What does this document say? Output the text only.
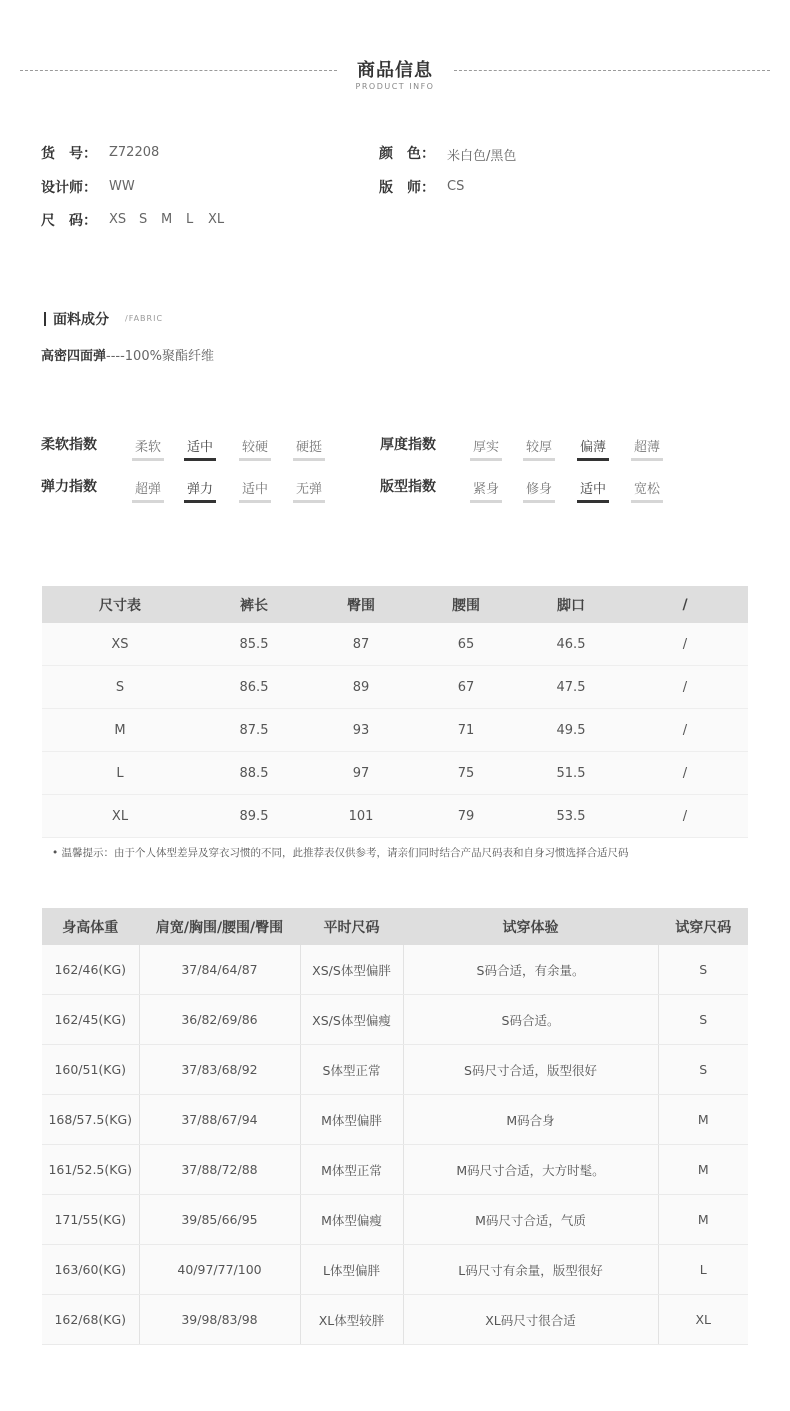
商品信息
PRODUCT INFO
货　号： Z72208	颜　色： 米白色/黑色
设计师： WW	版　师： CS
尺　码： XS S M L XL
面料成分 /FABRIC
高密四面弹----100%聚酯纤维
柔软指数	柔软 适中 较硬 硬挺	厚度指数	厚实 较厚 偏薄 超薄
弹力指数	超弹 弹力 适中 无弹	版型指数	紧身 修身 适中 宽松
尺寸表	裤长	臀围	腰围	脚口	/
XS	85.5	87	65	46.5	/
S	86.5	89	67	47.5	/
M	87.5	93	71	49.5	/
L	88.5	97	75	51.5	/
XL	89.5	101	79	53.5	/
• 温馨提示：由于个人体型差异及穿衣习惯的不同，此推荐表仅供参考，请亲们同时结合产品尺码表和自身习惯选择合适尺码
身高体重	肩宽/胸围/腰围/臀围	平时尺码	试穿体验	试穿尺码
162/46(KG)	37/84/64/87	XS/S体型偏胖	S码合适，有余量。	S
162/45(KG)	36/82/69/86	XS/S体型偏瘦	S码合适。	S
160/51(KG)	37/83/68/92	S体型正常	S码尺寸合适，版型很好	S
168/57.5(KG)	37/88/67/94	M体型偏胖	M码合身	M
161/52.5(KG)	37/88/72/88	M体型正常	M码尺寸合适，大方时髦。	M
171/55(KG)	39/85/66/95	M体型偏瘦	M码尺寸合适，气质	M
163/60(KG)	40/97/77/100	L体型偏胖	L码尺寸有余量，版型很好	L
162/68(KG)	39/98/83/98	XL体型较胖	XL码尺寸很合适	XL
